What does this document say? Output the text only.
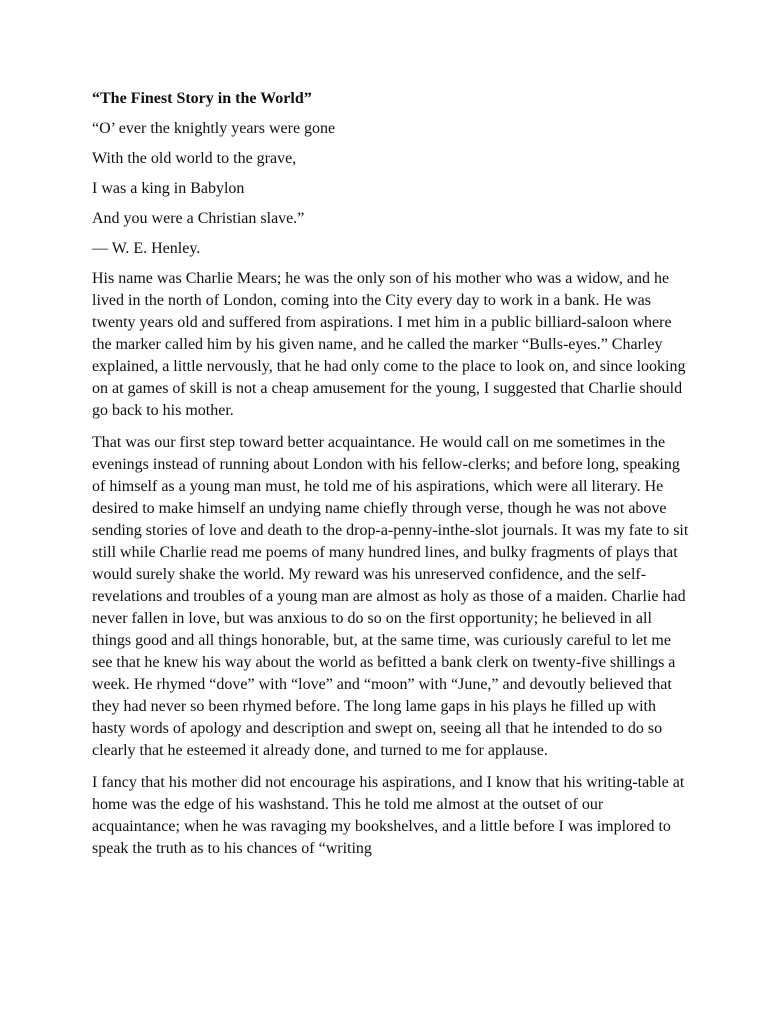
“The Finest Story in the World”
“O’ ever the knightly years were gone
With the old world to the grave,
I was a king in Babylon
And you were a Christian slave.”
— W. E. Henley.

His name was Charlie Mears; he was the only son of his mother who was a widow, and he lived in the north of London, coming into the City every day to work in a bank. He was twenty years old and suffered from aspirations. I met him in a public billiard-saloon where the marker called him by his given name, and he called the marker “Bulls-eyes.” Charley explained, a little nervously, that he had only come to the place to look on, and since looking on at games of skill is not a cheap amusement for the young, I suggested that Charlie should go back to his mother.

That was our first step toward better acquaintance. He would call on me sometimes in the evenings instead of running about London with his fellow-clerks; and before long, speaking of himself as a young man must, he told me of his aspirations, which were all literary. He desired to make himself an undying name chiefly through verse, though he was not above sending stories of love and death to the drop-a-penny-inthe-slot journals. It was my fate to sit still while Charlie read me poems of many hundred lines, and bulky fragments of plays that would surely shake the world. My reward was his unreserved confidence, and the self-revelations and troubles of a young man are almost as holy as those of a maiden. Charlie had never fallen in love, but was anxious to do so on the first opportunity; he believed in all things good and all things honorable, but, at the same time, was curiously careful to let me see that he knew his way about the world as befitted a bank clerk on twenty-five shillings a week. He rhymed “dove” with “love” and “moon” with “June,” and devoutly believed that they had never so been rhymed before. The long lame gaps in his plays he filled up with hasty words of apology and description and swept on, seeing all that he intended to do so clearly that he esteemed it already done, and turned to me for applause.

I fancy that his mother did not encourage his aspirations, and I know that his writing-table at home was the edge of his washstand. This he told me almost at the outset of our acquaintance; when he was ravaging my bookshelves, and a little before I was implored to speak the truth as to his chances of “writing
